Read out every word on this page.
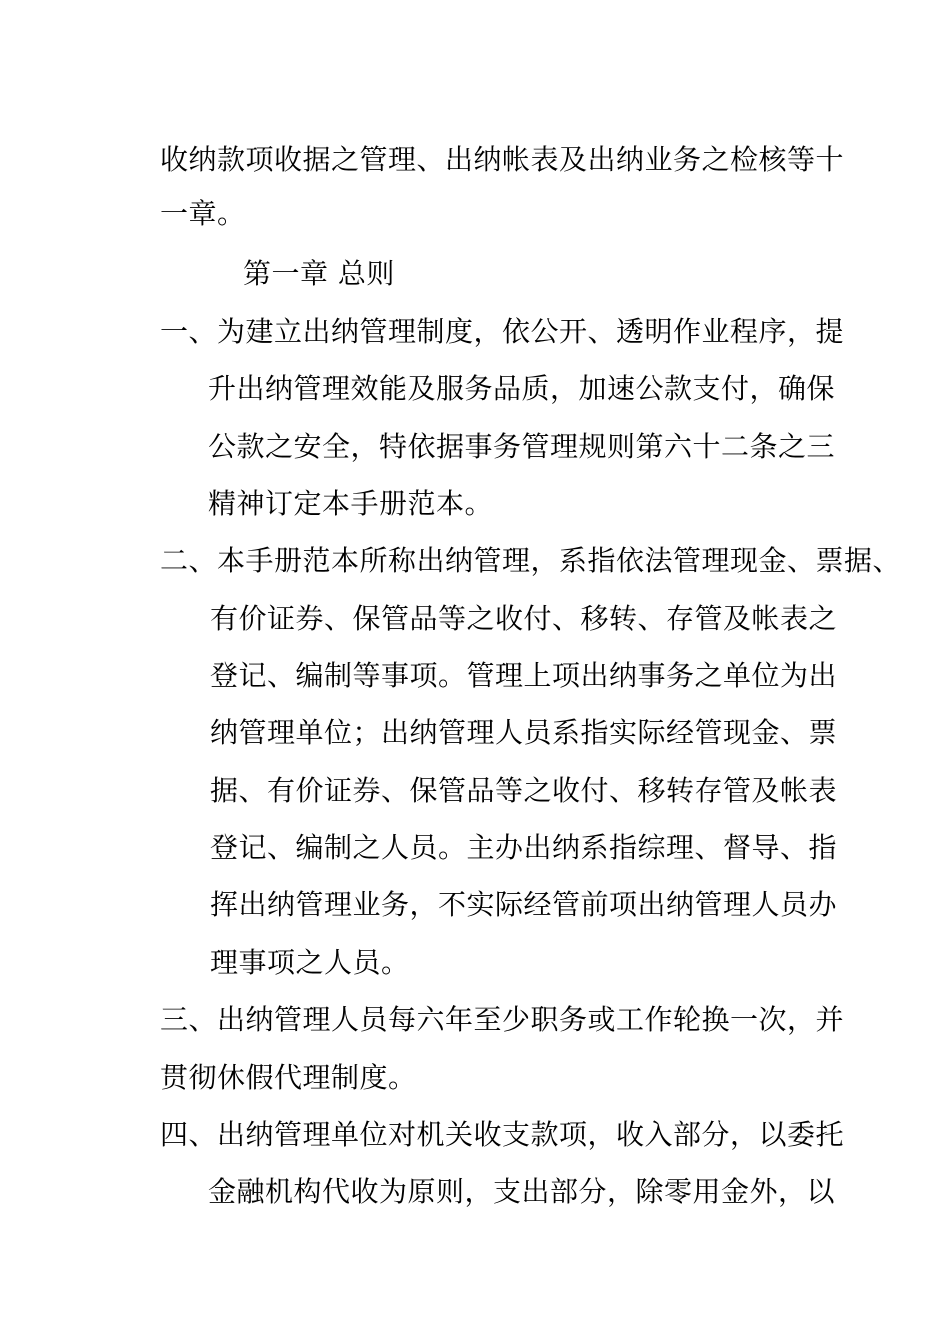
收纳款项收据之管理、出纳帐表及出纳业务之检核等十
一章。
第一章 总则
一、为建立出纳管理制度，依公开、透明作业程序，提
升出纳管理效能及服务品质，加速公款支付，确保
公款之安全，特依据事务管理规则第六十二条之三
精神订定本手册范本。
二、本手册范本所称出纳管理，系指依法管理现金、票据、
有价证券、保管品等之收付、移转、存管及帐表之
登记、编制等事项。管理上项出纳事务之单位为出
纳管理单位；出纳管理人员系指实际经管现金、票
据、有价证券、保管品等之收付、移转存管及帐表
登记、编制之人员。主办出纳系指综理、督导、指
挥出纳管理业务，不实际经管前项出纳管理人员办
理事项之人员。
三、出纳管理人员每六年至少职务或工作轮换一次，并
贯彻休假代理制度。
四、出纳管理单位对机关收支款项，收入部分，以委托
金融机构代收为原则，支出部分，除零用金外，以
